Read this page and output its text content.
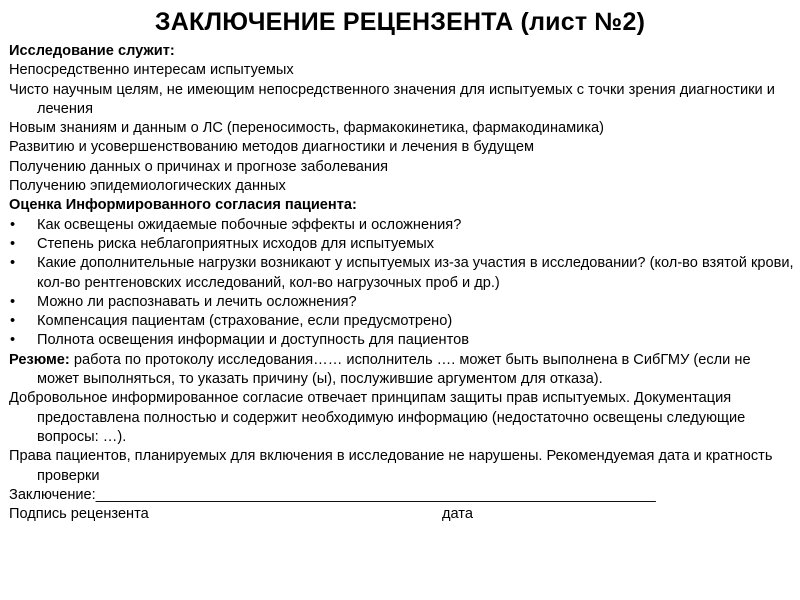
ЗАКЛЮЧЕНИЕ РЕЦЕНЗЕНТА (лист №2)

Исследование служит:

Непосредственно интересам испытуемых

Чисто научным целям, не имеющим непосредственного значения для испытуемых с точки зрения диагностики и лечения

Новым знаниям и данным о ЛС (переносимость, фармакокинетика, фармакодинамика)

Развитию и усовершенствованию методов диагностики и лечения в будущем

Получению данных о причинах и прогнозе заболевания

Получению эпидемиологических данных

Оценка Информированного согласия пациента:

• Как освещены ожидаемые побочные эффекты и осложнения?
• Степень риска неблагоприятных исходов для испытуемых
• Какие дополнительные нагрузки возникают у испытуемых из-за участия в исследовании? (кол-во взятой крови, кол-во рентгеновских исследований, кол-во нагрузочных проб и др.)
• Можно ли распознавать и лечить осложнения?
• Компенсация пациентам (страхование, если предусмотрено)
• Полнота освещения информации и доступность для пациентов

Резюме: работа по протоколу исследования…… исполнитель …. может быть выполнена в СибГМУ (если не может выполняться, то указать причину (ы), послужившие аргументом для отказа).

Добровольное информированное согласие отвечает принципам защиты прав испытуемых. Документация предоставлена полностью и содержит необходимую информацию (недостаточно освещены следующие вопросы: …).

Права пациентов, планируемых для включения в исследование не нарушены. Рекомендуемая дата и кратность проверки

Заключение:_____________________________________________________________________

Подпись рецензента	дата
